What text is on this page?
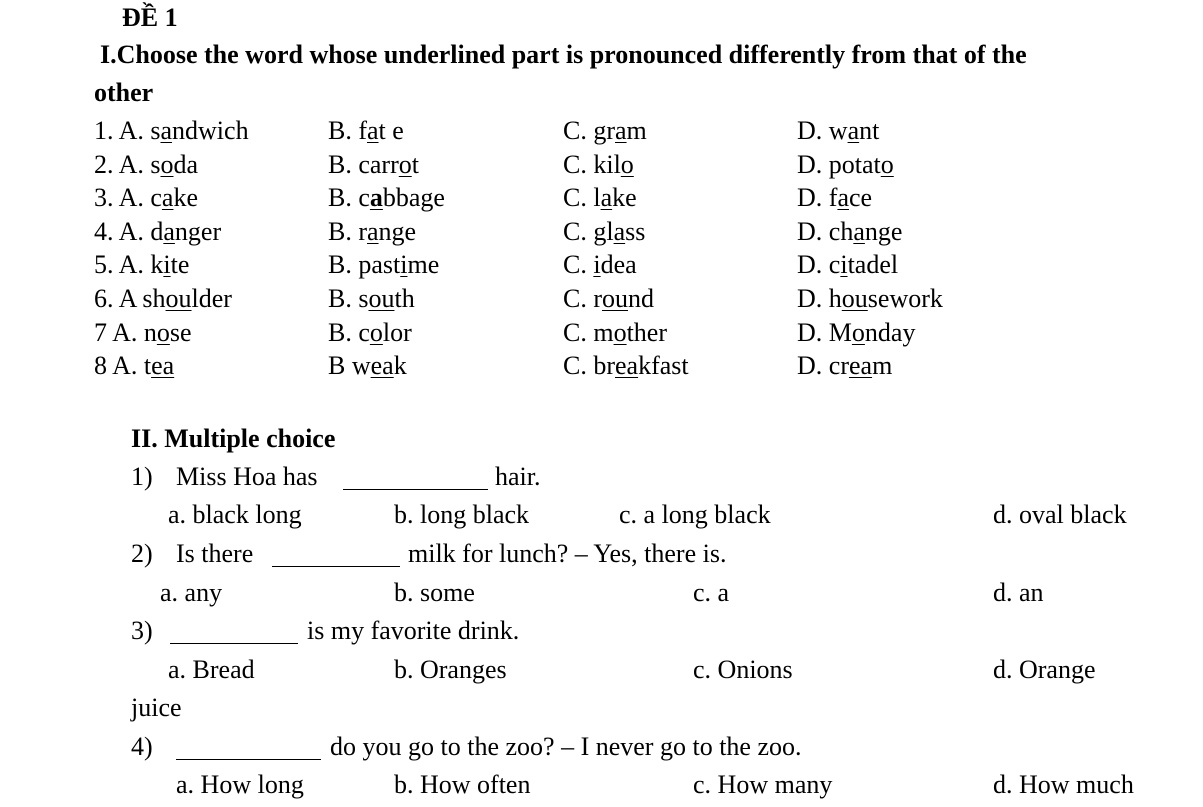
ĐỀ 1
I.Choose the word whose underlined part is pronounced differently from that of the
other
1. A. sandwich	B. fat e	C. gram	D. want
2. A. soda	B. carrot	C. kilo	D. potato
3. A. cake	B. cabbage	C. lake	D. face
4. A. danger	B. range	C. glass	D. change
5. A. kite	B. pastime	C. idea	D. citadel
6. A shoulder	B. south	C. round	D. housework
7 A. nose	B. color	C. mother	D. Monday
8 A. tea	B weak	C. breakfast	D. cream
II. Multiple choice
1) Miss Hoa has	hair.
a. black long	b. long black	c. a long black	d. oval black
2) Is there	milk for lunch? – Yes, there is.
a. any	b. some	c. a	d. an
3)	is my favorite drink.
a. Bread	b. Oranges	c. Onions	d. Orange
juice
4)	do you go to the zoo? – I never go to the zoo.
a. How long	b. How often	c. How many	d. How much
